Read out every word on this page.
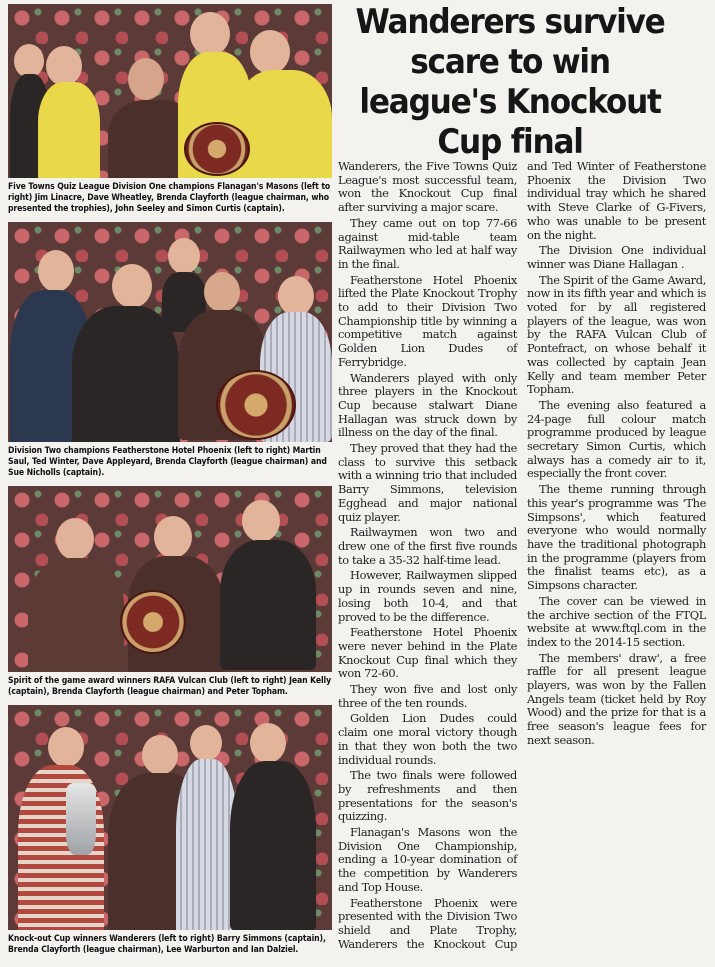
Five Towns Quiz League Division One champions Flanagan's Masons (left to right) Jim Linacre, Dave Wheatley, Brenda Clayforth (league chairman, who presented the trophies), John Seeley and Simon Curtis (captain).
Division Two champions Featherstone Hotel Phoenix (left to right) Martin Saul, Ted Winter, Dave Appleyard, Brenda Clayforth (league chairman) and Sue Nicholls (captain).
Spirit of the game award winners RAFA Vulcan Club (left to right) Jean Kelly (captain), Brenda Clayforth (league chairman) and Peter Topham.
Knock-out Cup winners Wanderers (left to right) Barry Simmons (captain), Brenda Clayforth (league chairman), Lee Warburton and Ian Dalziel.
Wanderers survive scare to win league's Knockout Cup final

Wanderers, the Five Towns Quiz League's most successful team, won the Knockout Cup final after surviving a major scare.

They came out on top 77-66 against mid-table team Railwaymen who led at half way in the final.

Featherstone Hotel Phoenix lifted the Plate Knockout Trophy to add to their Division Two Championship title by winning a competitive match against Golden Lion Dudes of Ferrybridge.

Wanderers played with only three players in the Knockout Cup because stalwart Diane Hallagan was struck down by illness on the day of the final.

They proved that they had the class to survive this setback with a winning trio that included Barry Simmons, television Egghead and major national quiz player.

Railwaymen won two and drew one of the first five rounds to take a 35-32 half-time lead.

However, Railwaymen slipped up in rounds seven and nine, losing both 10-4, and that proved to be the difference.

Featherstone Hotel Phoenix were never behind in the Plate Knockout Cup final which they won 72-60.

They won five and lost only three of the ten rounds.

Golden Lion Dudes could claim one moral victory though in that they won both the two individual rounds.

The two finals were followed by refreshments and then presentations for the season's quizzing.

Flanagan's Masons won the Division One Championship, ending a 10-year domination of the competition by Wanderers and Top House.

Featherstone Phoenix were presented with the Division Two shield and Plate Trophy, Wanderers the Knockout Cup and Ted Winter of Featherstone Phoenix the Division Two individual tray which he shared with Steve Clarke of G-Fivers, who was unable to be present on the night.

The Division One individual winner was Diane Hallagan .

The Spirit of the Game Award, now in its fifth year and which is voted for by all registered players of the league, was won by the RAFA Vulcan Club of Pontefract, on whose behalf it was collected by captain Jean Kelly and team member Peter Topham.

The evening also featured a 24-page full colour match programme produced by league secretary Simon Curtis, which always has a comedy air to it, especially the front cover.

The theme running through this year's programme was 'The Simpsons', which featured everyone who would normally have the traditional photograph in the programme (players from the finalist teams etc), as a Simpsons character.

The cover can be viewed in the archive section of the FTQL website at www.ftql.com in the index to the 2014-15 section.

The members' draw', a free raffle for all present league players, was won by the Fallen Angels team (ticket held by Roy Wood) and the prize for that is a free season's league fees for next season.
